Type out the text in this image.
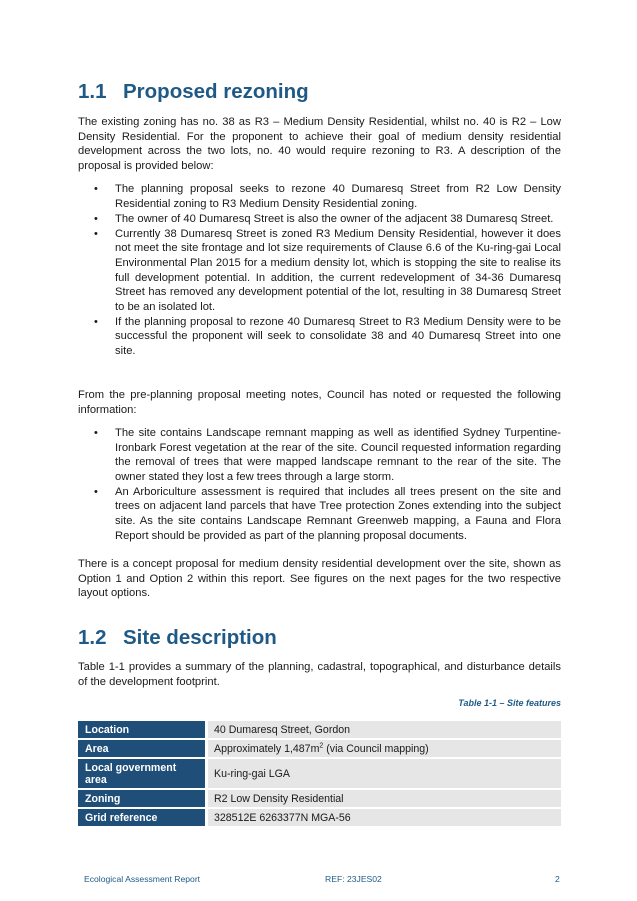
1.1 Proposed rezoning

The existing zoning has no. 38 as R3 – Medium Density Residential, whilst no. 40 is R2 – Low Density Residential. For the proponent to achieve their goal of medium density residential development across the two lots, no. 40 would require rezoning to R3. A description of the proposal is provided below:

• The planning proposal seeks to rezone 40 Dumaresq Street from R2 Low Density Residential zoning to R3 Medium Density Residential zoning.
• The owner of 40 Dumaresq Street is also the owner of the adjacent 38 Dumaresq Street.
• Currently 38 Dumaresq Street is zoned R3 Medium Density Residential, however it does not meet the site frontage and lot size requirements of Clause 6.6 of the Ku-ring-gai Local Environmental Plan 2015 for a medium density lot, which is stopping the site to realise its full development potential. In addition, the current redevelopment of 34-36 Dumaresq Street has removed any development potential of the lot, resulting in 38 Dumaresq Street to be an isolated lot.
• If the planning proposal to rezone 40 Dumaresq Street to R3 Medium Density were to be successful the proponent will seek to consolidate 38 and 40 Dumaresq Street into one site.

From the pre-planning proposal meeting notes, Council has noted or requested the following information:

• The site contains Landscape remnant mapping as well as identified Sydney Turpentine-Ironbark Forest vegetation at the rear of the site. Council requested information regarding the removal of trees that were mapped landscape remnant to the rear of the site. The owner stated they lost a few trees through a large storm.
• An Arboriculture assessment is required that includes all trees present on the site and trees on adjacent land parcels that have Tree protection Zones extending into the subject site. As the site contains Landscape Remnant Greenweb mapping, a Fauna and Flora Report should be provided as part of the planning proposal documents.

There is a concept proposal for medium density residential development over the site, shown as Option 1 and Option 2 within this report. See figures on the next pages for the two respective layout options.

1.2 Site description

Table 1-1 provides a summary of the planning, cadastral, topographical, and disturbance details of the development footprint.

Table 1-1 – Site features
Location	40 Dumaresq Street, Gordon
Area	Approximately $1,487m^2$ (via Council mapping)
Local government area	Ku-ring-gai LGA
Zoning	R2 Low Density Residential
Grid reference	328512E 6263377N MGA-56
Ecological Assessment Report	REF: 23JES02	2
